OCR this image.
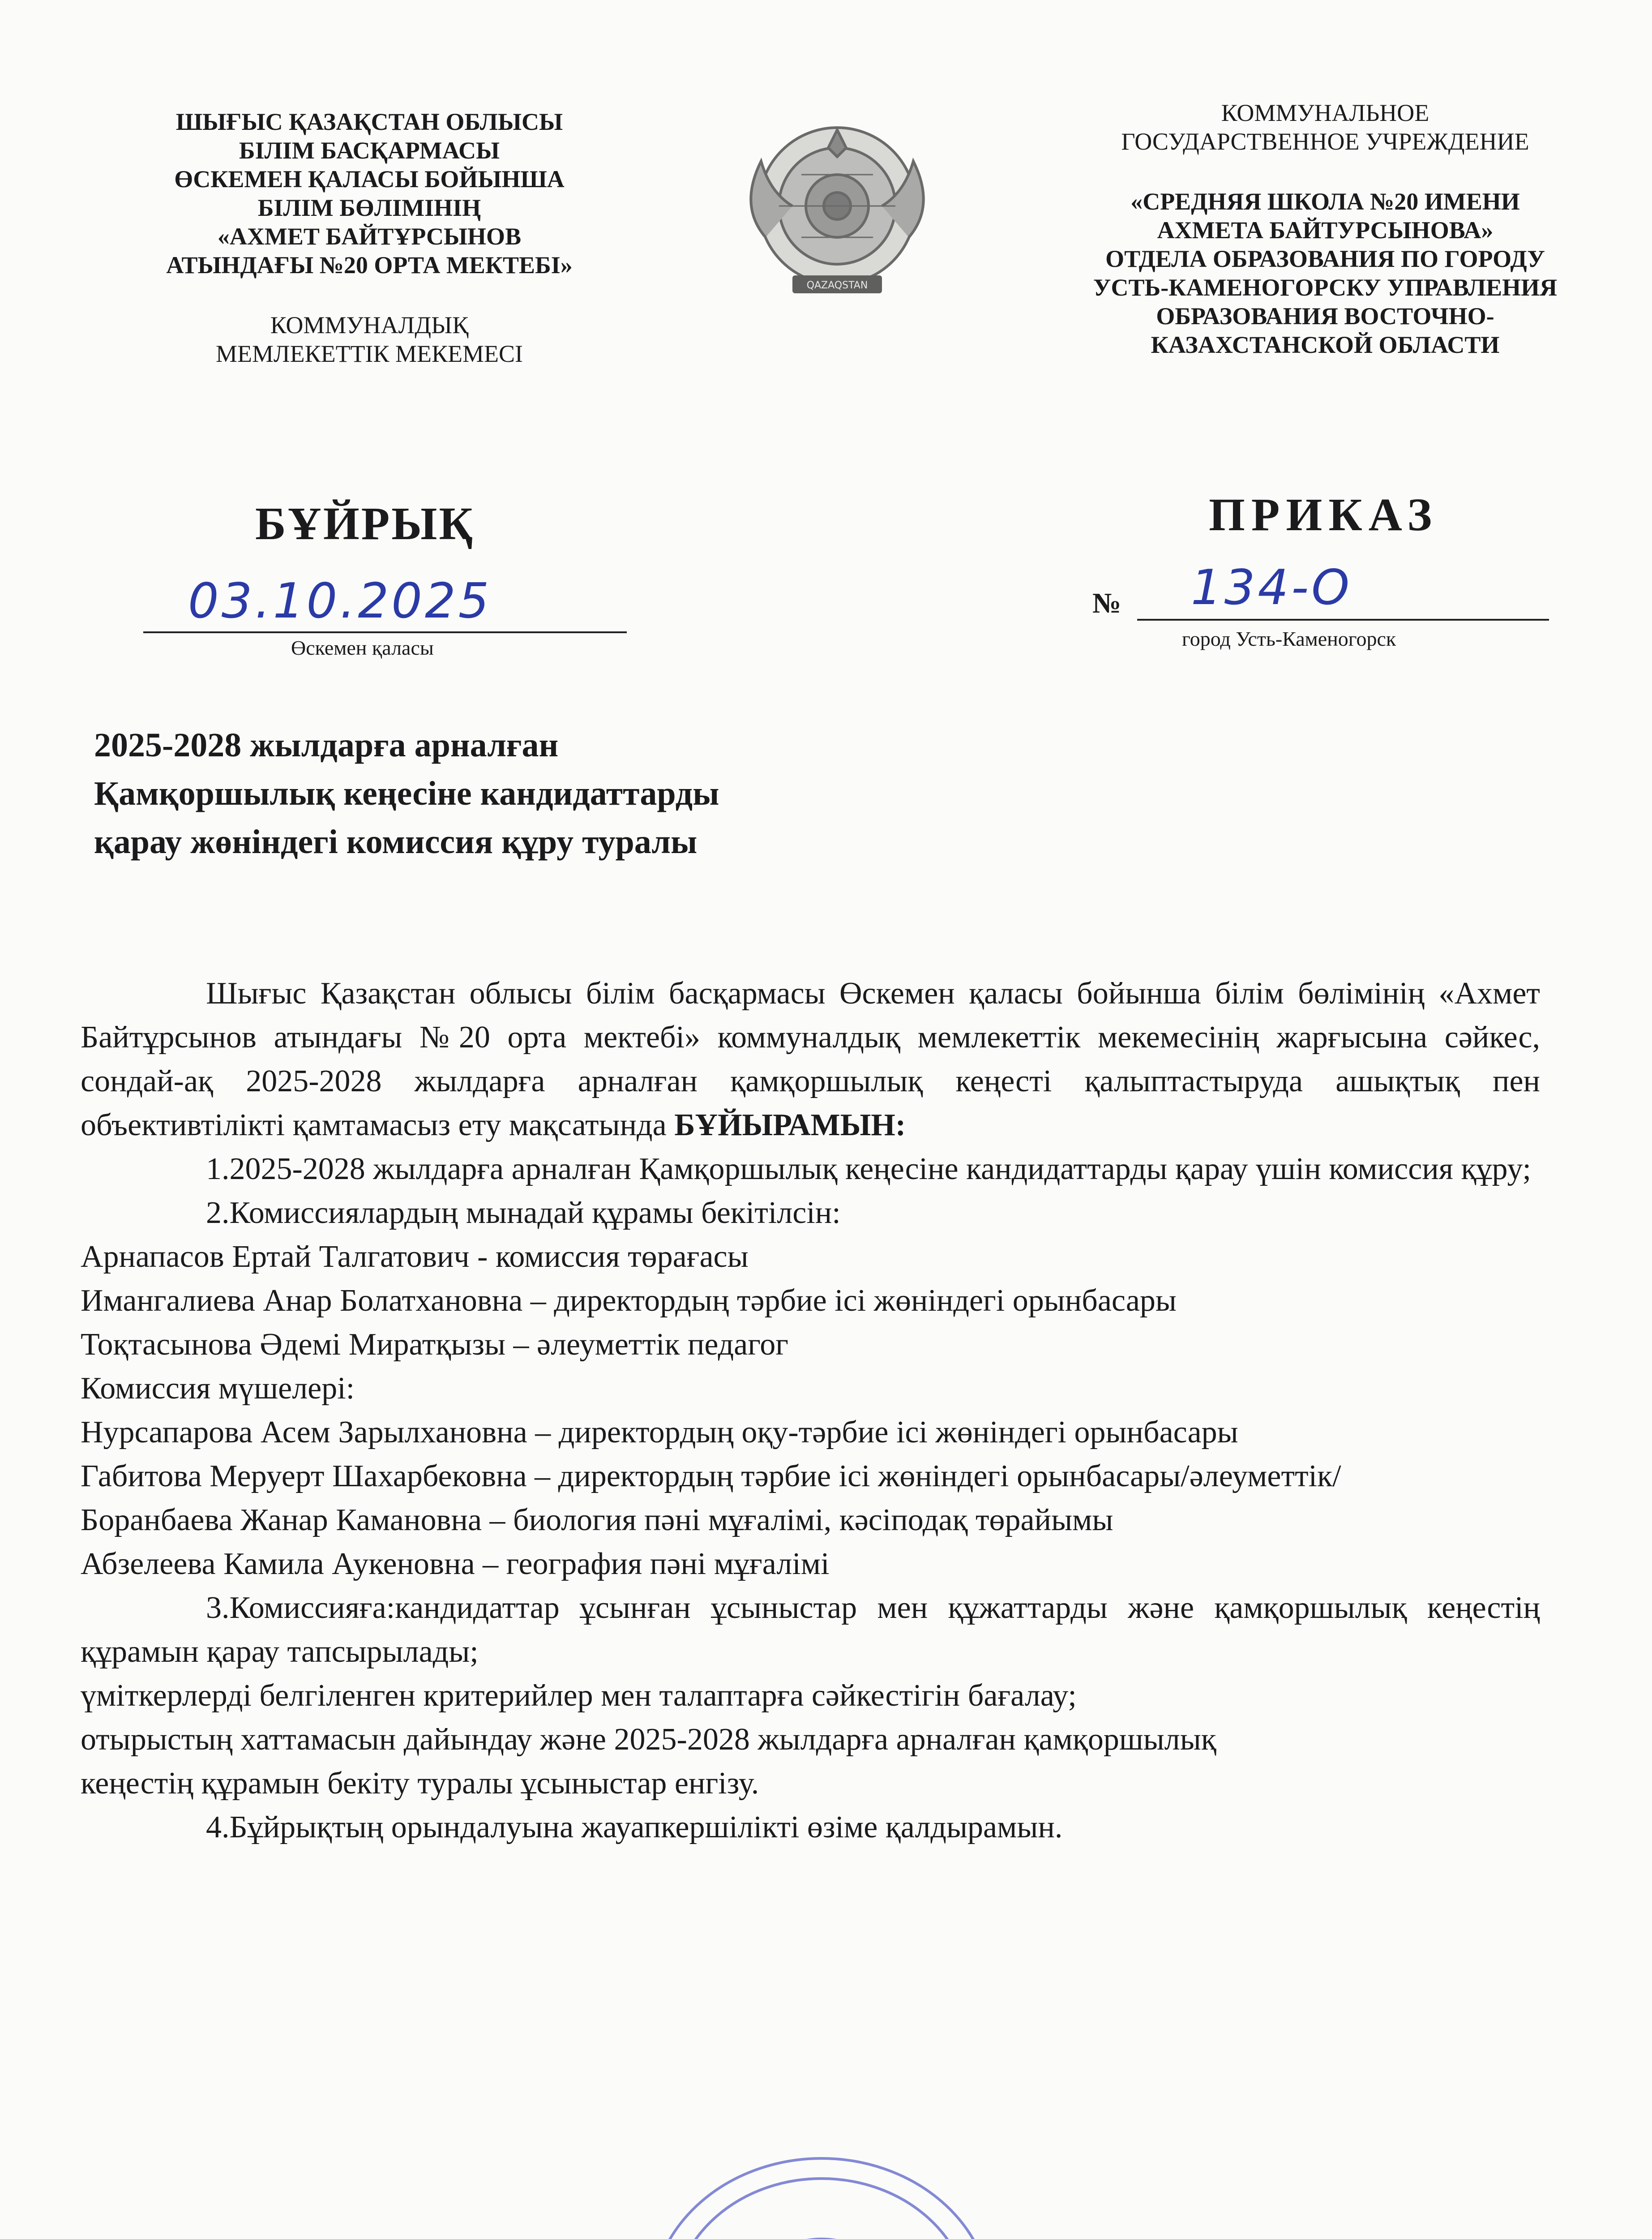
ШЫҒЫС ҚАЗАҚСТАН ОБЛЫСЫ
БІЛІМ БАСҚАРМАСЫ
ӨСКЕМЕН ҚАЛАСЫ БОЙЫНША
БІЛІМ БӨЛІМІНІҢ
«АХМЕТ БАЙТҰРСЫНОВ
АТЫНДАҒЫ №20 ОРТА МЕКТЕБІ»
КОММУНАЛДЫҚ
МЕМЛЕКЕТТІК МЕКЕМЕСІ
QAZAQSTAN
КОММУНАЛЬНОЕ
ГОСУДАРСТВЕННОЕ УЧРЕЖДЕНИЕ
«СРЕДНЯЯ ШКОЛА №20 ИМЕНИ
АХМЕТА БАЙТУРСЫНОВА»
ОТДЕЛА ОБРАЗОВАНИЯ ПО ГОРОДУ
УСТЬ-КАМЕНОГОРСКУ УПРАВЛЕНИЯ
ОБРАЗОВАНИЯ ВОСТОЧНО-
КАЗАХСТАНСКОЙ ОБЛАСТИ
БҰЙРЫҚ	ПРИКАЗ
03.10.2025
Өскемен қаласы
№ 134-О
город Усть-Каменогорск
2025-2028 жылдарға арналған
Қамқоршылық кеңесіне кандидаттарды
қарау жөніндегі комиссия құру туралы

Шығыс Қазақстан облысы білім басқармасы Өскемен қаласы бойынша білім бөлімінің «Ахмет Байтұрсынов атындағы №20 орта мектебі» коммуналдық мемлекеттік мекемесінің жарғысына сәйкес, сондай-ақ 2025-2028 жылдарға арналған қамқоршылық кеңесті қалыптастыруда ашықтық пен объективтілікті қамтамасыз ету мақсатында БҰЙЫРАМЫН:

1.2025-2028 жылдарға арналған Қамқоршылық кеңесіне кандидаттарды қарау үшін комиссия құру;

2.Комиссиялардың мынадай құрамы бекітілсін:

Арнапасов Ертай Талгатович - комиссия төрағасы

Имангалиева Анар Болатхановна – директордың тәрбие ісі жөніндегі орынбасары

Тоқтасынова Әдемі Миратқызы – әлеуметтік педагог

Комиссия мүшелері:

Нурсапарова Асем Зарылхановна – директордың оқу-тәрбие ісі жөніндегі орынбасары

Габитова Меруерт Шахарбековна – директордың тәрбие ісі жөніндегі орынбасары/әлеуметтік/

Боранбаева Жанар Камановна – биология пәні мұғалімі, кәсіподақ төрайымы

Абзелеева Камила Аукеновна – география пәні мұғалімі

3.Комиссияға:кандидаттар ұсынған ұсыныстар мен құжаттарды және қамқоршылық кеңестің құрамын қарау тапсырылады;

үміткерлерді белгіленген критерийлер мен талаптарға сәйкестігін бағалау;

отырыстың хаттамасын дайындау және 2025-2028 жылдарға арналған қамқоршылық

кеңестің құрамын бекіту туралы ұсыныстар енгізу.

4.Бұйрықтың орындалуына жауапкершілікті өзіме қалдырамын.
